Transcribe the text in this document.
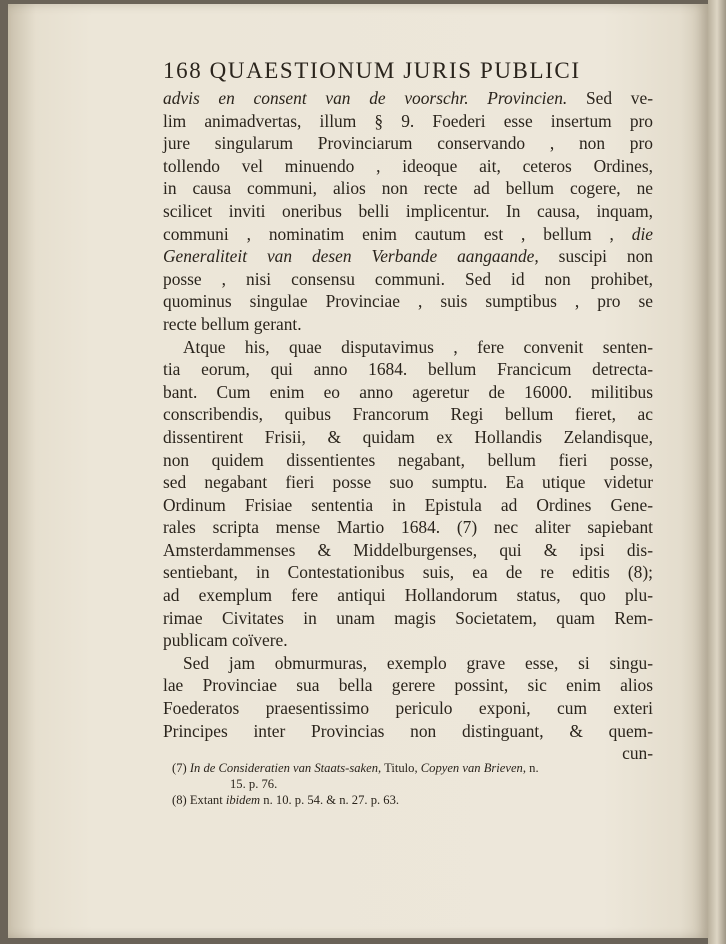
168 QUAESTIONUM JURIS PUBLICI
advis en consent van de voorschr. Provincien. Sed ve-
lim animadvertas, illum § 9. Foederi esse insertum pro
jure singularum Provinciarum conservando , non pro
tollendo vel minuendo , ideoque ait, ceteros Ordines,
in causa communi, alios non recte ad bellum cogere, ne
scilicet inviti oneribus belli implicentur. In causa, inquam,
communi , nominatim enim cautum est , bellum , die
Generaliteit van desen Verbande aangaande, suscipi non
posse , nisi consensu communi. Sed id non prohibet,
quominus singulae Provinciae , suis sumptibus , pro se
recte bellum gerant.
Atque his, quae disputavimus , fere convenit senten-
tia eorum, qui anno 1684. bellum Francicum detrecta-
bant. Cum enim eo anno ageretur de 16000. militibus
conscribendis, quibus Francorum Regi bellum fieret, ac
dissentirent Frisii, & quidam ex Hollandis Zelandisque,
non quidem dissentientes negabant, bellum fieri posse,
sed negabant fieri posse suo sumptu. Ea utique videtur
Ordinum Frisiae sententia in Epistula ad Ordines Gene-
rales scripta mense Martio 1684. (7) nec aliter sapiebant
Amsterdammenses & Middelburgenses, qui & ipsi dis-
sentiebant, in Contestationibus suis, ea de re editis (8);
ad exemplum fere antiqui Hollandorum status, quo plu-
rimae Civitates in unam magis Societatem, quam Rem-
publicam coïvere.
Sed jam obmurmuras, exemplo grave esse, si singu-
lae Provinciae sua bella gerere possint, sic enim alios
Foederatos praesentissimo periculo exponi, cum exteri
Principes inter Provincias non distinguant, & quem-
cun-
(7) In de Consideratien van Staats-saken, Titulo, Copyen van Brieven, n.
15. p. 76.
(8) Extant ibidem n. 10. p. 54. & n. 27. p. 63.
